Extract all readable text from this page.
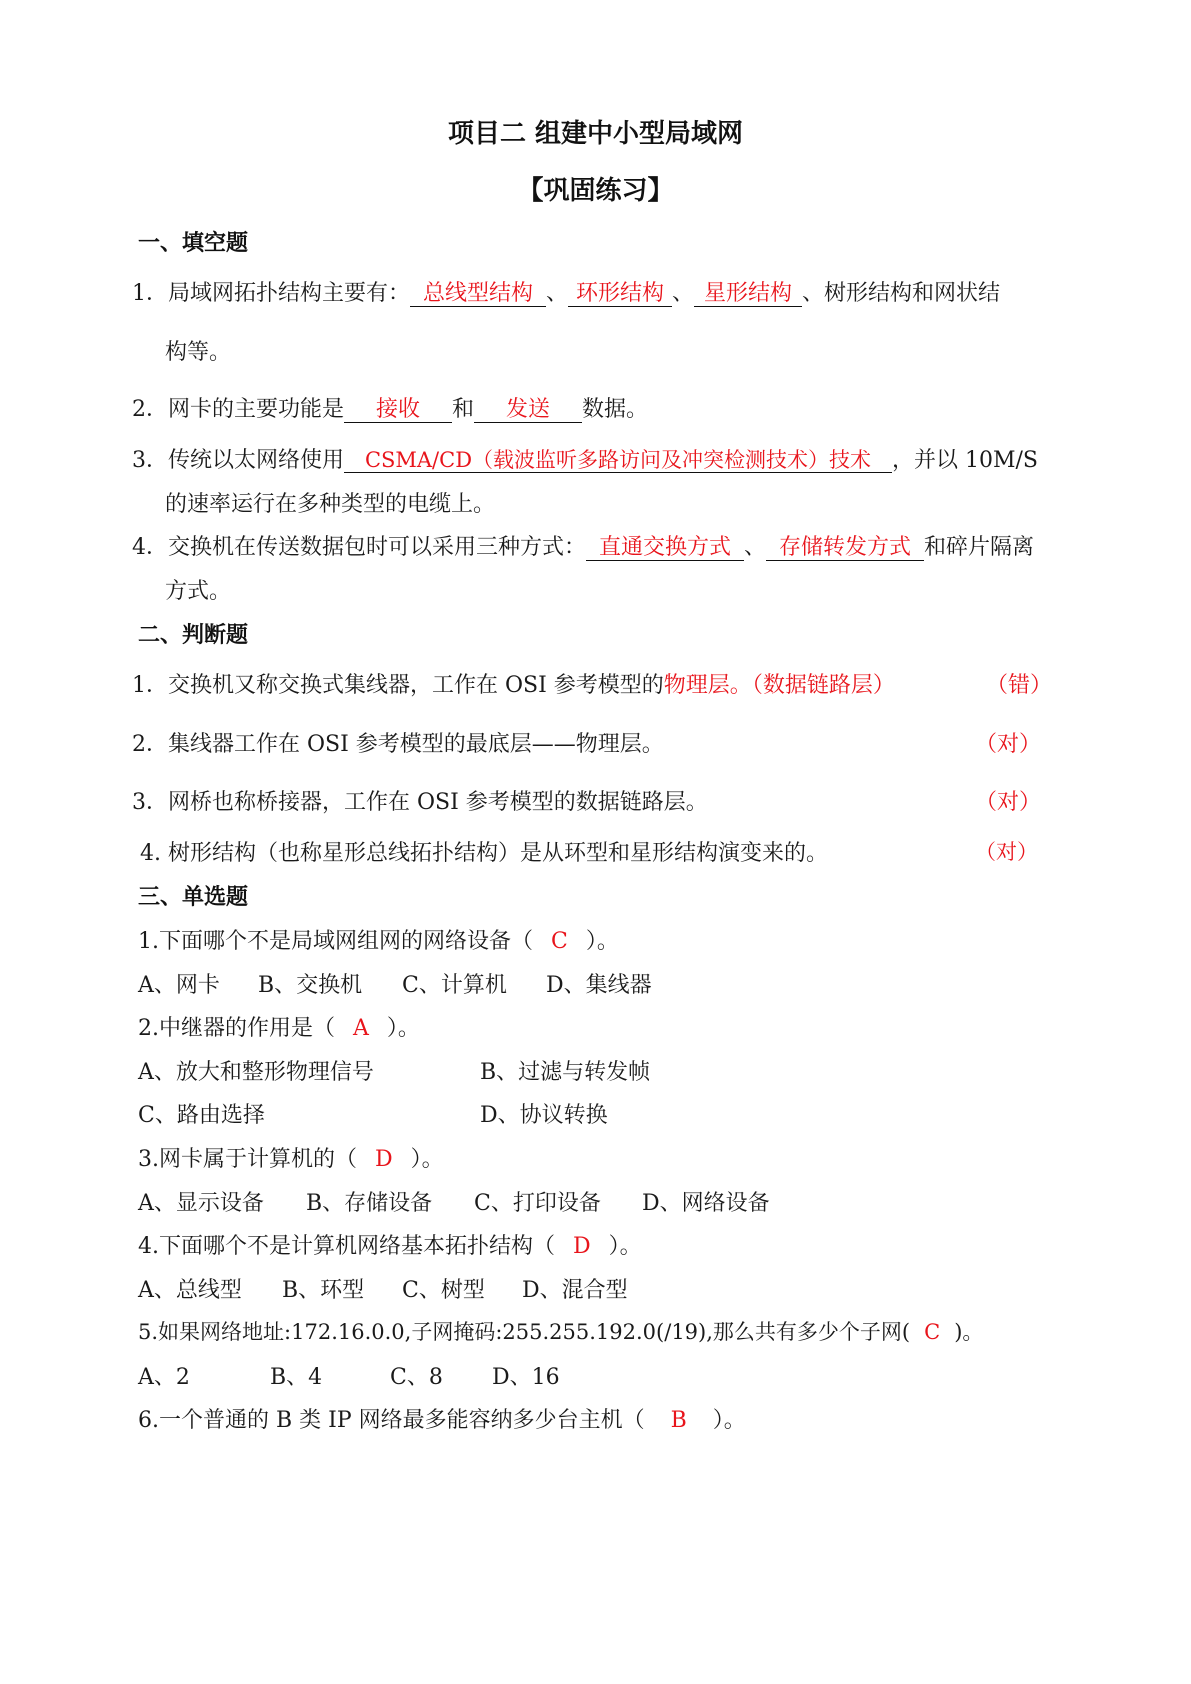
项目二 组建中小型局域网
【巩固练习】
一、填空题
1．局域网拓扑结构主要有： 总线型结构 、 环形结构 、 星形结构 、树形结构和网状结
构等。
2．网卡的主要功能是 接收 和 发送 数据。
3．传统以太网络使用 CSMA/CD（载波监听多路访问及冲突检测技术）技术 ，并以 10M/S
的速率运行在多种类型的电缆上。
4．交换机在传送数据包时可以采用三种方式： 直通交换方式 、 存储转发方式 和碎片隔离
方式。
二、判断题
1．交换机又称交换式集线器，工作在 OSI 参考模型的物理层。（数据链路层）	（错）
2．集线器工作在 OSI 参考模型的最底层——物理层。	（对）
3．网桥也称桥接器，工作在 OSI 参考模型的数据链路层。	（对）
4. 树形结构（也称星形总线拓扑结构）是从环型和星形结构演变来的。	（对）
三、单选题
1.下面哪个不是局域网组网的网络设备（ C ）。
A、网卡 B、交换机 C、计算机 D、集线器
2.中继器的作用是（ A ）。
A、放大和整形物理信号	B、过滤与转发帧
C、路由选择	D、协议转换
3.网卡属于计算机的（ D ）。
A、显示设备 B、存储设备 C、打印设备 D、网络设备
4.下面哪个不是计算机网络基本拓扑结构（ D ）。
A、总线型 B、环型 C、树型 D、混合型
5.如果网络地址:172.16.0.0,子网掩码:255.255.192.0(/19),那么共有多少个子网( C )。
A、2	B、4	C、8 D、16
6.一个普通的 B 类 IP 网络最多能容纳多少台主机（ B ）。
